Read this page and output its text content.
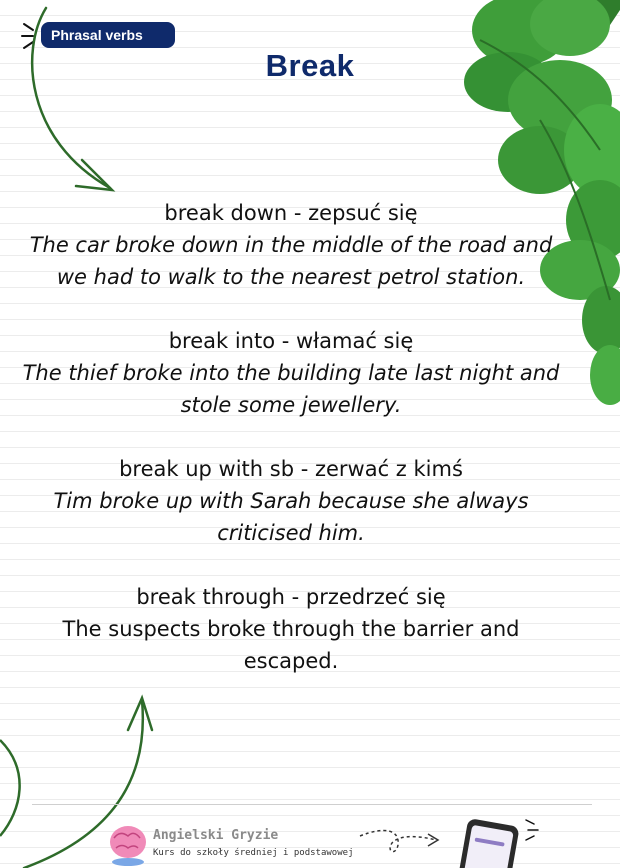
Phrasal verbs
Break
break down - zepsuć się
The car broke down in the middle of the road and
we had to walk to the nearest petrol station.
break into - włamać się
The thief broke into the building late last night and
stole some jewellery.
break up with sb - zerwać z kimś
Tim broke up with Sarah because she always
criticised him.
break through - przedrzeć się
The suspects broke through the barrier and
escaped.
Angielski Gryzie
Kurs do szkoły średniej i podstawowej
